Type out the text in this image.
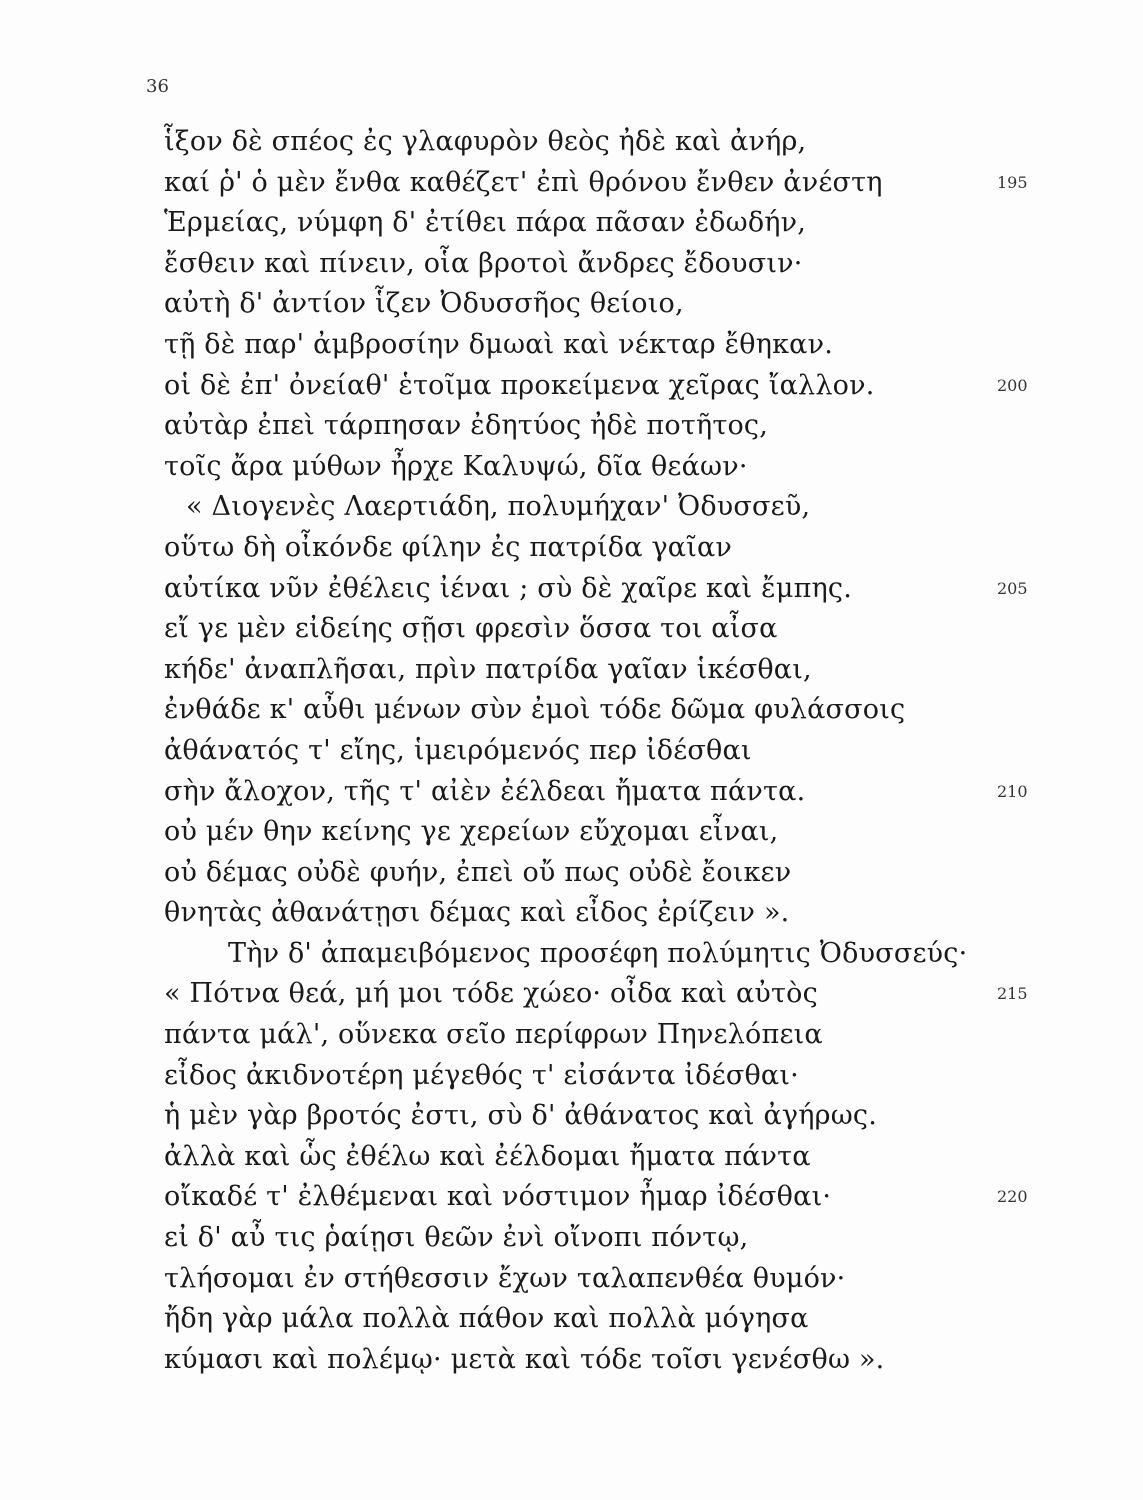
36
ἷξον δὲ σπέος ἐς γλαφυρὸν θεὸς ἠδὲ καὶ ἀνήρ,
καί ῥ' ὁ μὲν ἔνθα καθέζετ' ἐπὶ θρόνου ἔνθεν ἀνέστη	195
Ἑρμείας, νύμφη δ' ἐτίθει πάρα πᾶσαν ἐδωδήν,
ἔσθειν καὶ πίνειν, οἷα βροτοὶ ἄνδρες ἔδουσιν·
αὐτὴ δ' ἀντίον ἷζεν Ὀδυσσῆος θείοιο,
τῇ δὲ παρ' ἀμβροσίην δμωαὶ καὶ νέκταρ ἔθηκαν.
οἱ δὲ ἐπ' ὀνείαθ' ἑτοῖμα προκείμενα χεῖρας ἴαλλον.	200
αὐτὰρ ἐπεὶ τάρπησαν ἐδητύος ἠδὲ ποτῆτος,
τοῖς ἄρα μύθων ἦρχε Καλυψώ, δῖα θεάων·
« Διογενὲς Λαερτιάδη, πολυμήχαν' Ὀδυσσεῦ,
οὕτω δὴ οἶκόνδε φίλην ἐς πατρίδα γαῖαν
αὐτίκα νῦν ἐθέλεις ἰέναι ; σὺ δὲ χαῖρε καὶ ἔμπης.	205
εἴ γε μὲν εἰδείης σῇσι φρεσὶν ὅσσα τοι αἶσα
κήδε' ἀναπλῆσαι, πρὶν πατρίδα γαῖαν ἱκέσθαι,
ἐνθάδε κ' αὖθι μένων σὺν ἐμοὶ τόδε δῶμα φυλάσσοις
ἀθάνατός τ' εἴης, ἱμειρόμενός περ ἰδέσθαι
σὴν ἄλοχον, τῆς τ' αἰὲν ἐέλδεαι ἤματα πάντα.	210
οὐ μέν θην κείνης γε χερείων εὔχομαι εἶναι,
οὐ δέμας οὐδὲ φυήν, ἐπεὶ οὔ πως οὐδὲ ἔοικεν
θνητὰς ἀθανάτῃσι δέμας καὶ εἶδος ἐρίζειν ».
Τὴν δ' ἀπαμειβόμενος προσέφη πολύμητις Ὀδυσσεύς·
« Πότνα θεά, μή μοι τόδε χώεο· οἶδα καὶ αὐτὸς	215
πάντα μάλ', οὕνεκα σεῖο περίφρων Πηνελόπεια
εἶδος ἀκιδνοτέρη μέγεθός τ' εἰσάντα ἰδέσθαι·
ἡ μὲν γὰρ βροτός ἐστι, σὺ δ' ἀθάνατος καὶ ἀγήρως.
ἀλλὰ καὶ ὧς ἐθέλω καὶ ἐέλδομαι ἤματα πάντα
οἴκαδέ τ' ἐλθέμεναι καὶ νόστιμον ἦμαρ ἰδέσθαι·	220
εἰ δ' αὖ τις ῥαίῃσι θεῶν ἐνὶ οἴνοπι πόντῳ,
τλήσομαι ἐν στήθεσσιν ἔχων ταλαπενθέα θυμόν·
ἤδη γὰρ μάλα πολλὰ πάθον καὶ πολλὰ μόγησα
κύμασι καὶ πολέμῳ· μετὰ καὶ τόδε τοῖσι γενέσθω ».
